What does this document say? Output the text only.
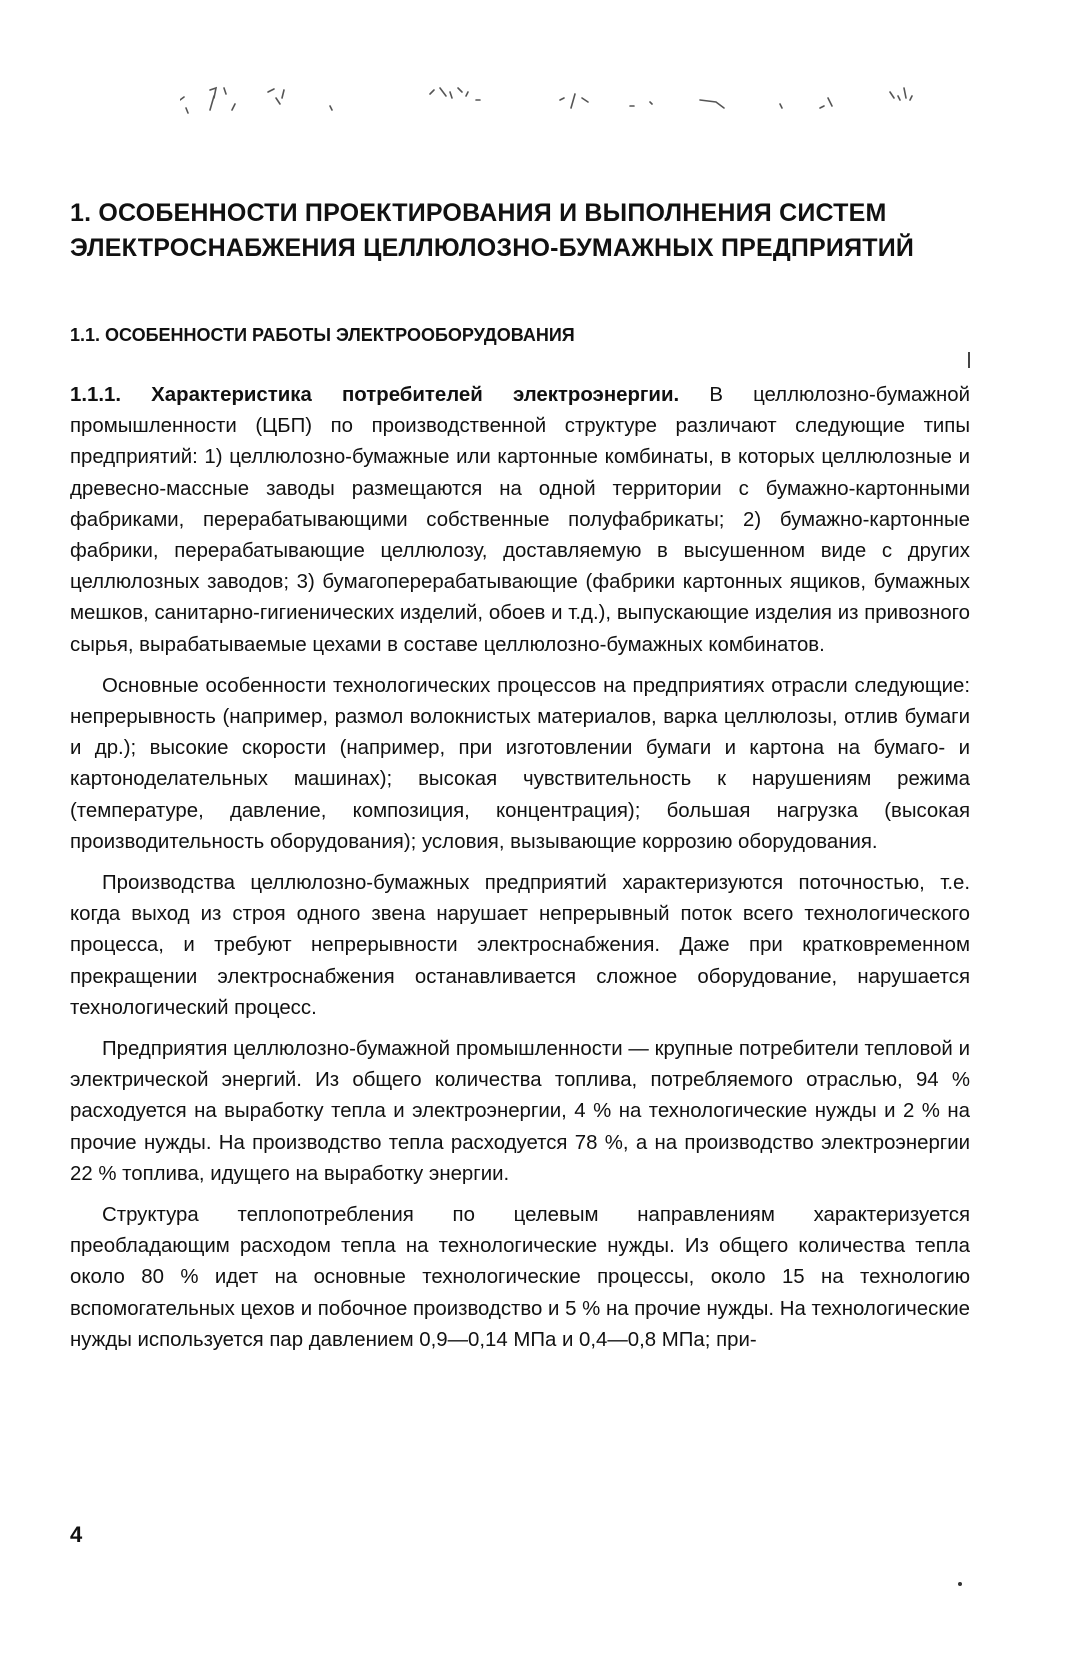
1. ОСОБЕННОСТИ ПРОЕКТИРОВАНИЯ И ВЫПОЛНЕНИЯ СИСТЕМ
ЭЛЕКТРОСНАБЖЕНИЯ ЦЕЛЛЮЛОЗНО-БУМАЖНЫХ ПРЕДПРИЯТИЙ
1.1. ОСОБЕННОСТИ РАБОТЫ ЭЛЕКТРООБОРУДОВАНИЯ

1.1.1. Характеристика потребителей электроэнергии. В целлюлозно-бумажной промышленности (ЦБП) по производственной структуре различают следующие типы предприятий: 1) целлюлозно-бумажные или картонные комбинаты, в которых целлюлозные и древесно-массные заводы размещаются на одной территории с бумажно-картонными фабриками, перерабатывающими собственные полуфабрикаты; 2) бумажно-картонные фабрики, перерабатывающие целлюлозу, доставляемую в высушенном виде с других целлюлозных заводов; 3) бумагоперерабатывающие (фабрики картонных ящиков, бумажных мешков, санитарно-гигиенических изделий, обоев и т.д.), выпускающие изделия из привозного сырья, вырабатываемые цехами в составе целлюлозно-бумажных комбинатов.

Основные особенности технологических процессов на предприятиях отрасли следующие: непрерывность (например, размол волокнистых материалов, варка целлюлозы, отлив бумаги и др.); высокие скорости (например, при изготовлении бумаги и картона на бумаго- и картоноделательных машинах); высокая чувствительность к нарушениям режима (температуре, давление, композиция, концентрация); большая нагрузка (высокая производительность оборудования); условия, вызывающие коррозию оборудования.

Производства целлюлозно-бумажных предприятий характеризуются поточностью, т.е. когда выход из строя одного звена нарушает непрерывный поток всего технологического процесса, и требуют непрерывности электроснабжения. Даже при кратковременном прекращении электроснабжения останавливается сложное оборудование, нарушается технологический процесс.

Предприятия целлюлозно-бумажной промышленности — крупные потребители тепловой и электрической энергий. Из общего количества топлива, потребляемого отраслью, 94 % расходуется на выработку тепла и электроэнергии, 4 % на технологические нужды и 2 % на прочие нужды. На производство тепла расходуется 78 %, а на производство электроэнергии 22 % топлива, идущего на выработку энергии.

Структура теплопотребления по целевым направлениям характеризуется преобладающим расходом тепла на технологические нужды. Из общего количества тепла около 80 % идет на основные технологические процессы, около 15 на технологию вспомогательных цехов и побочное производство и 5 % на прочие нужды. На технологические нужды используется пар давлением 0,9—0,14 МПа и 0,4—0,8 МПа; при-

4
